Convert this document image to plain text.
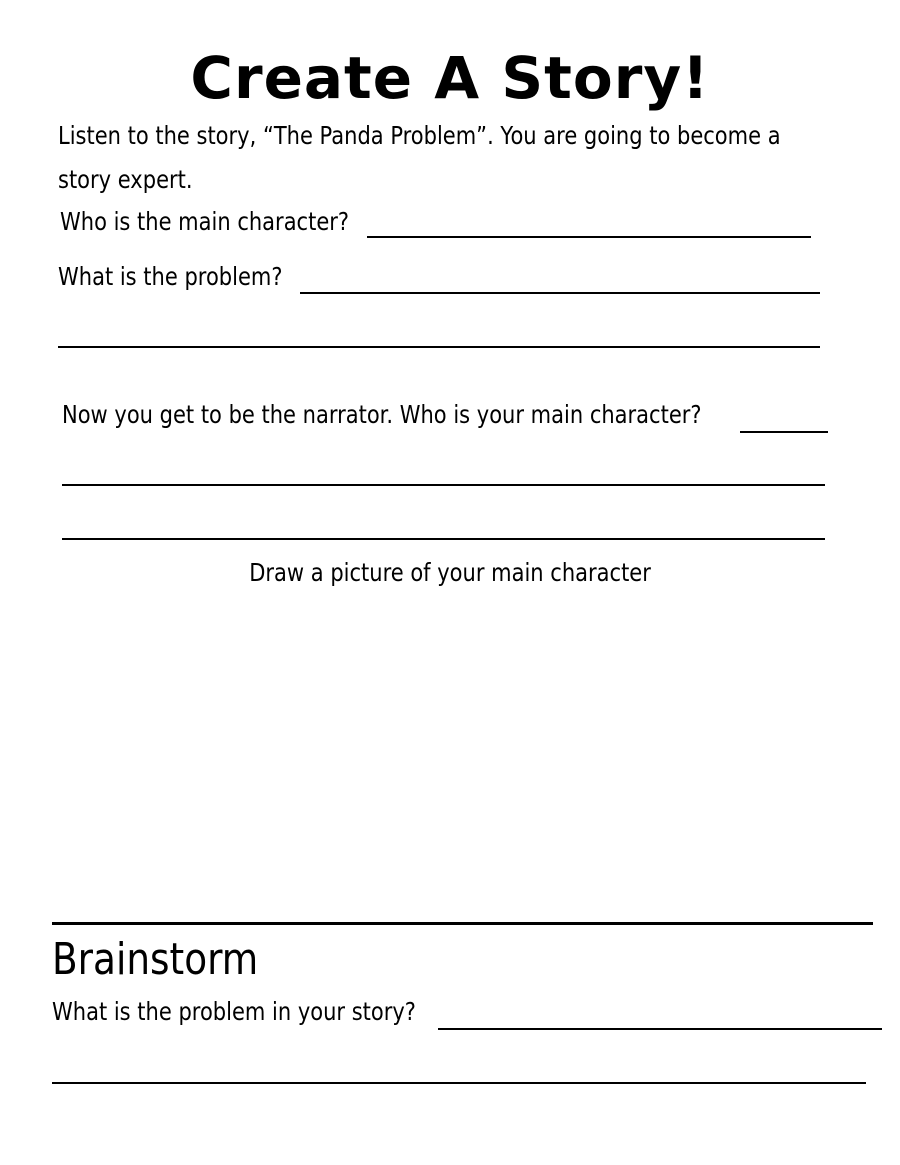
Create A Story!
Listen to the story, “The Panda Problem”. You are going to become a story expert.
Who is the main character?
What is the problem?
Now you get to be the narrator. Who is your main character?
Draw a picture of your main character
Brainstorm
What is the problem in your story?
